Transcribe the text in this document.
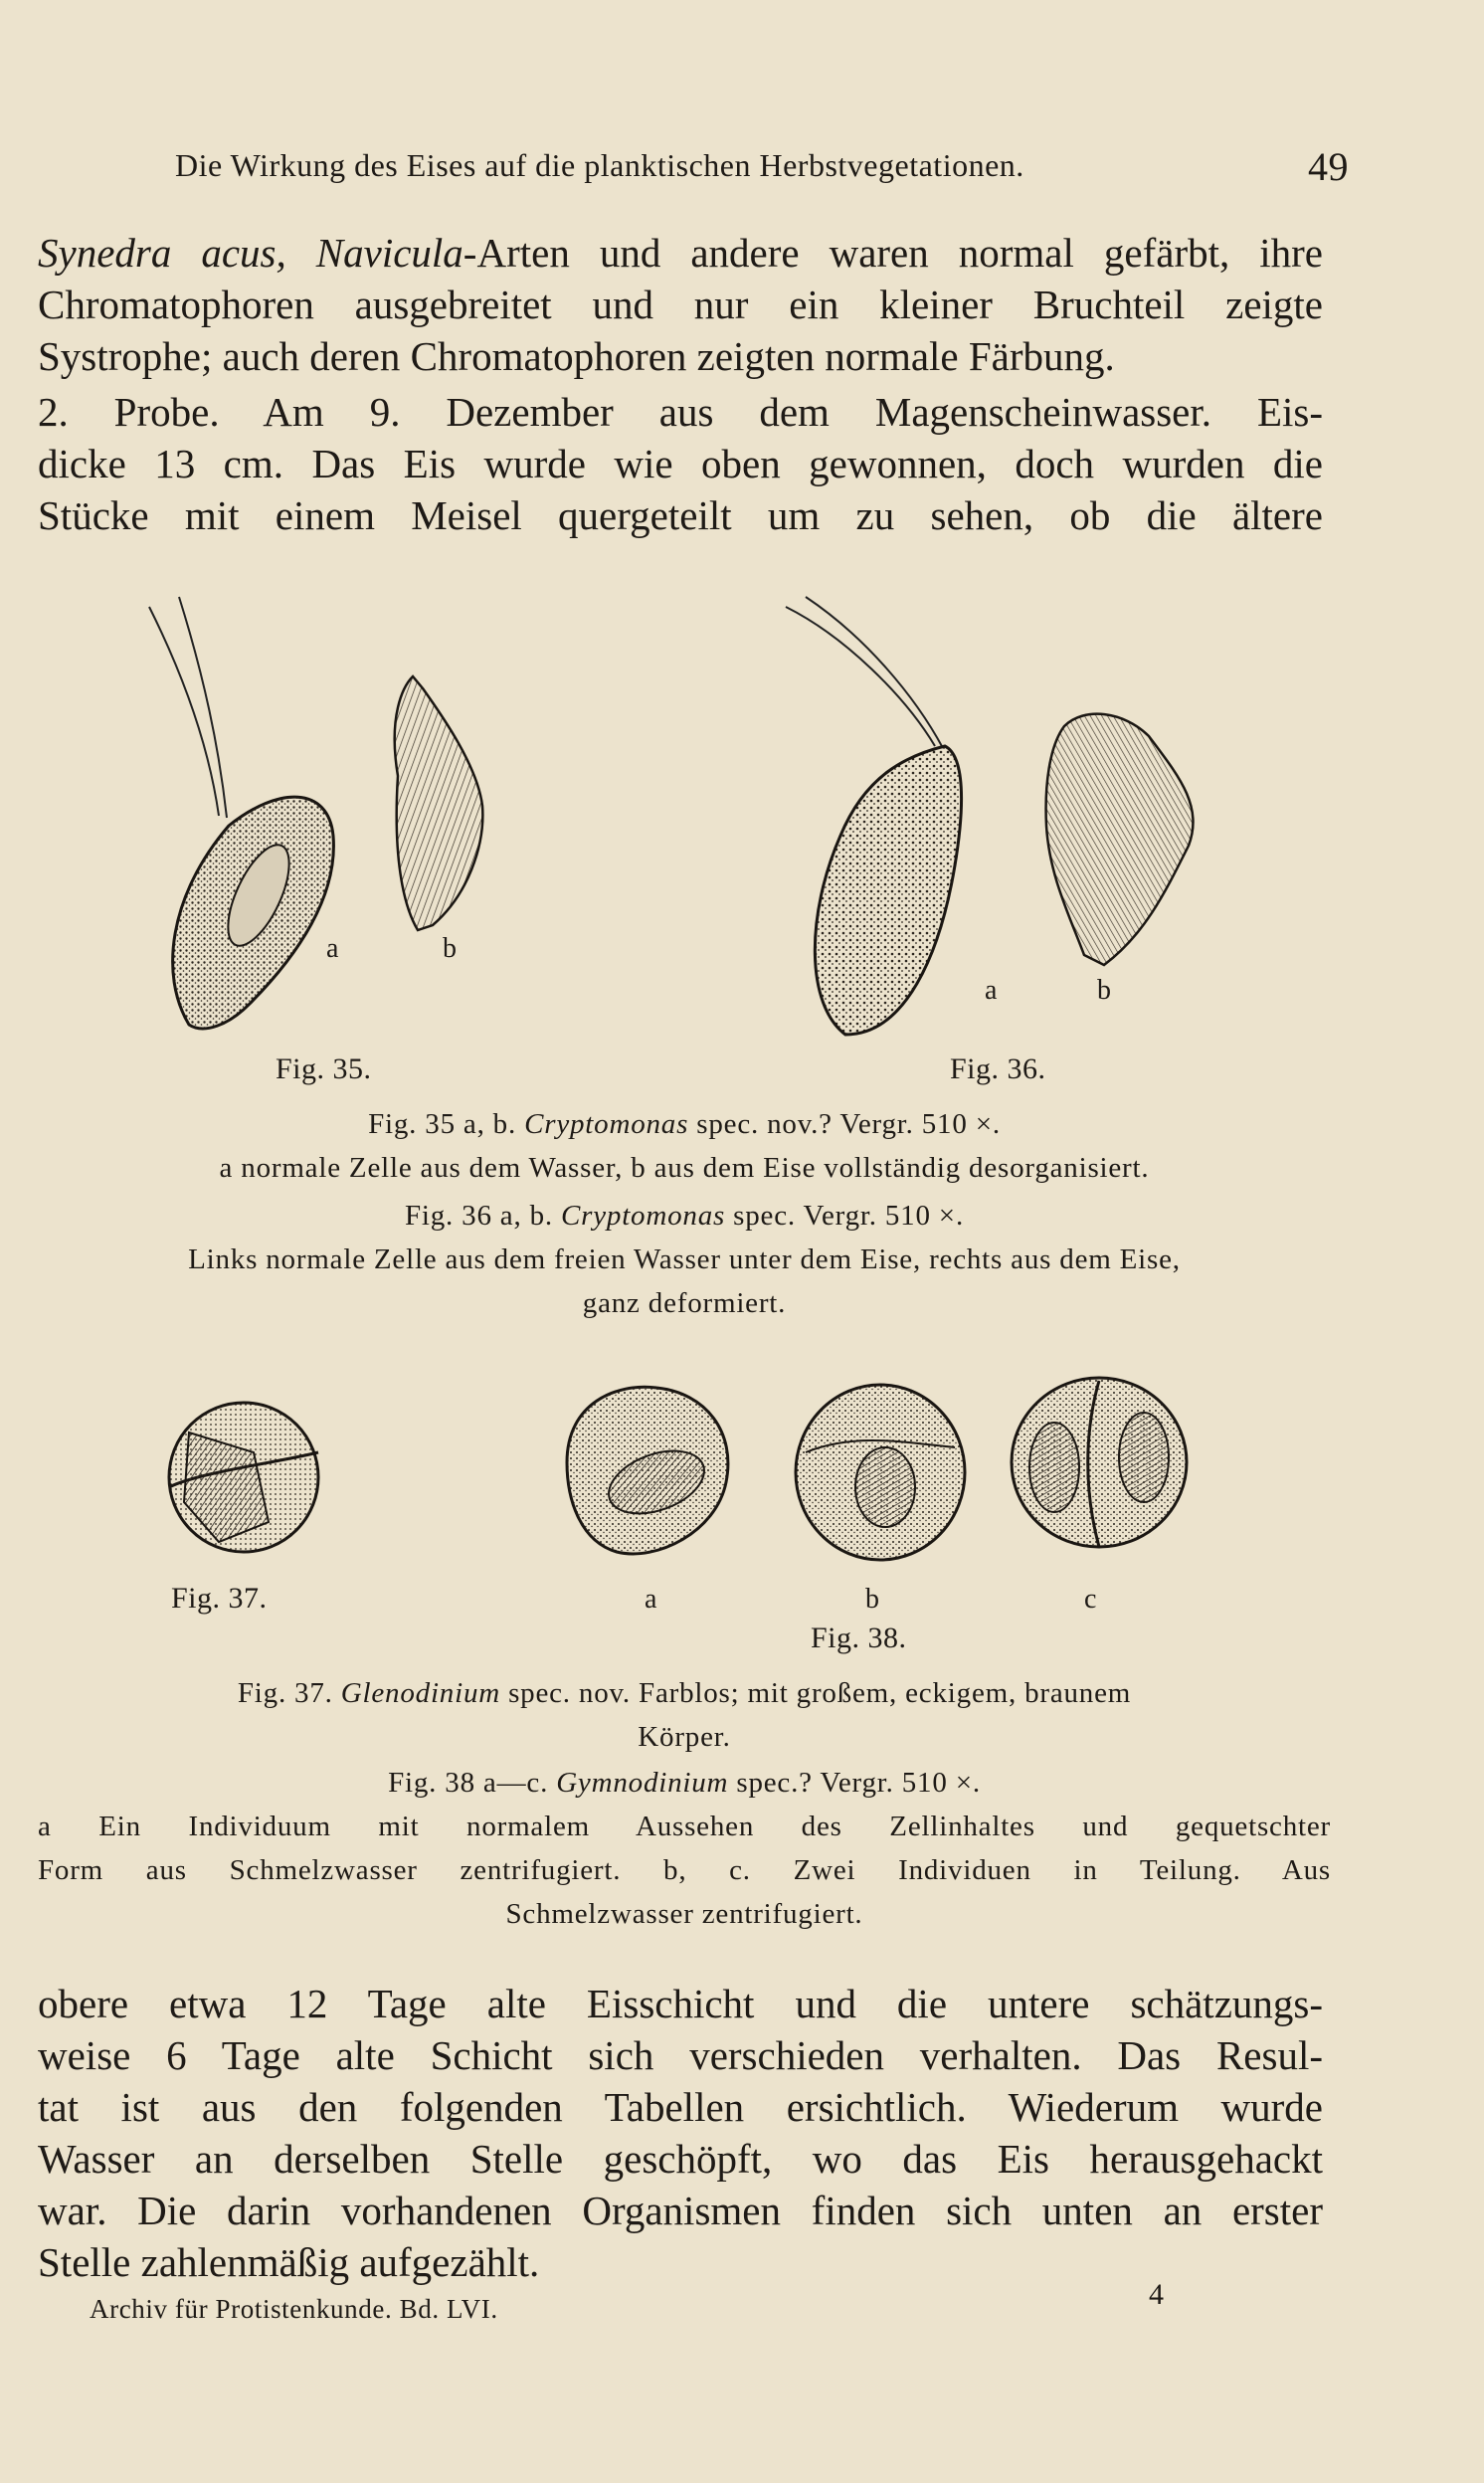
Die Wirkung des Eises auf die planktischen Herbstvegetationen.	49
Synedra acus, Navicula-Arten und andere waren normal gefärbt, ihre
Chromatophoren ausgebreitet und nur ein kleiner Bruchteil zeigte
Systrophe; auch deren Chromatophoren zeigten normale Färbung.
2. Probe. Am 9. Dezember aus dem Magenscheinwasser. Eis-
dicke 13 cm. Das Eis wurde wie oben gewonnen, doch wurden die
Stücke mit einem Meisel quergeteilt um zu sehen, ob die ältere
a	b
a	b
Fig. 35.	Fig. 36.
Fig. 35 a, b. Cryptomonas spec. nov.? Vergr. 510 ×.
a normale Zelle aus dem Wasser, b aus dem Eise vollständig desorganisiert.
Fig. 36 a, b. Cryptomonas spec. Vergr. 510 ×.
Links normale Zelle aus dem freien Wasser unter dem Eise, rechts aus dem Eise,
ganz deformiert.
Fig. 37.	a	b	c
Fig. 38.
Fig. 37. Glenodinium spec. nov. Farblos; mit großem, eckigem, braunem
Körper.
Fig. 38 a—c. Gymnodinium spec.? Vergr. 510 ×.
a Ein Individuum mit normalem Aussehen des Zellinhaltes und gequetschter
Form aus Schmelzwasser zentrifugiert. b, c. Zwei Individuen in Teilung. Aus
Schmelzwasser zentrifugiert.
obere etwa 12 Tage alte Eisschicht und die untere schätzungs-
weise 6 Tage alte Schicht sich verschieden verhalten. Das Resul-
tat ist aus den folgenden Tabellen ersichtlich. Wiederum wurde
Wasser an derselben Stelle geschöpft, wo das Eis herausgehackt
war. Die darin vorhandenen Organismen finden sich unten an erster
Stelle zahlenmäßig aufgezählt.
Archiv für Protistenkunde. Bd. LVI.	4
